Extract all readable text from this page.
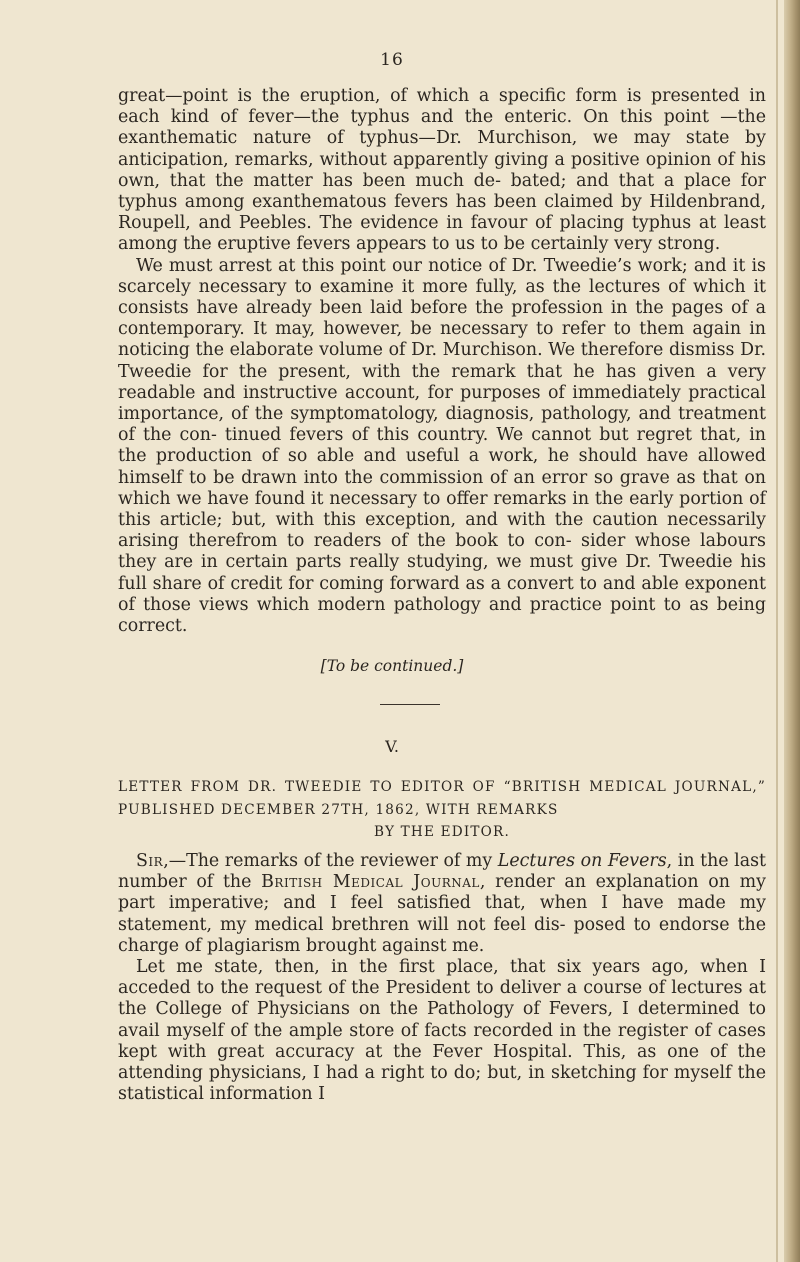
16

great—point is the eruption, of which a specific form is presented in each kind of fever—the typhus and the enteric. On this point —the exanthematic nature of typhus—Dr. Murchison, we may state by anticipation, remarks, without apparently giving a positive opinion of his own, that the matter has been much de- bated; and that a place for typhus among exanthematous fevers has been claimed by Hildenbrand, Roupell, and Peebles. The evidence in favour of placing typhus at least among the eruptive fevers appears to us to be certainly very strong.

We must arrest at this point our notice of Dr. Tweedie’s work; and it is scarcely necessary to examine it more fully, as the lectures of which it consists have already been laid before the profession in the pages of a contemporary. It may, however, be necessary to refer to them again in noticing the elaborate volume of Dr. Murchison. We therefore dismiss Dr. Tweedie for the present, with the remark that he has given a very readable and instructive account, for purposes of immediately practical importance, of the symptomatology, diagnosis, pathology, and treatment of the con- tinued fevers of this country. We cannot but regret that, in the production of so able and useful a work, he should have allowed himself to be drawn into the commission of an error so grave as that on which we have found it necessary to offer remarks in the early portion of this article; but, with this exception, and with the caution necessarily arising therefrom to readers of the book to con- sider whose labours they are in certain parts really studying, we must give Dr. Tweedie his full share of credit for coming forward as a convert to and able exponent of those views which modern pathology and practice point to as being correct.

[To be continued.]
V.
LETTER FROM DR. TWEEDIE TO EDITOR OF “BRITISH MEDICAL JOURNAL,” PUBLISHED DECEMBER 27TH, 1862, WITH REMARKS
BY THE EDITOR.

Sir,—The remarks of the reviewer of my Lectures on Fevers, in the last number of the British Medical Journal, render an explanation on my part imperative; and I feel satisfied that, when I have made my statement, my medical brethren will not feel dis- posed to endorse the charge of plagiarism brought against me.

Let me state, then, in the first place, that six years ago, when I acceded to the request of the President to deliver a course of lectures at the College of Physicians on the Pathology of Fevers, I determined to avail myself of the ample store of facts recorded in the register of cases kept with great accuracy at the Fever Hospital. This, as one of the attending physicians, I had a right to do; but, in sketching for myself the statistical information I
